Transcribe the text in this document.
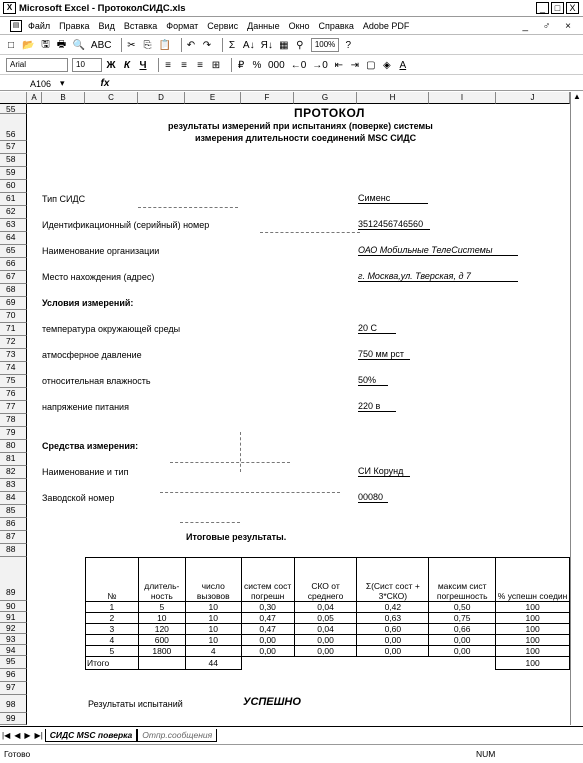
X Microsoft Excel - ПротоколСИДС.xls	_	□	X
▤ Файл Правка Вид Вставка Формат Сервис Данные Окно Справка Adobe PDF	_ ♂ ×
□ 📂 🖫 🖶 🔍 ABC ✂ ⎘ 📋 ↶ ↷ Σ A↓ Я↓ ▦ ⚲	100%	?
Arial	10	Ж К Ч ≡ ≡ ≡ ⊞ ₽ % 000 ←0 →0 ⇤ ⇥ ▢ ◈ A
A106 ▾	fx
A	B	C	D	E	F	G	H	I	J
55
56
57
58
59
60
61
62
63
64
65
66
67
68
69
70
71
72
73
74
75
76
77
78
79
80
81
82
83
84
85
86
87
88
89
90
91
92
93
94
95
96
97
98
99
ПРОТОКОЛ
результаты измерений при испытаниях (поверке) системы
измерения длительности соединений MSC СИДС
Тип СИДС	Сименс
Идентификационный (серийный) номер	3512456746560
Наименование организации	ОАО Мобильные ТелеСистемы
Место нахождения (адрес)	г. Москва,ул. Тверская, д 7
Условия измерений:
температура окружающей среды	20 С
атмосферное давление	750 мм рст
относительная влажность	50%
напряжение питания	220 в
Средства измерения:
Наименование и тип	СИ Корунд
Заводской номер	00080
Итоговые результаты.
№	длитель-ность	число вызовов	систем сост погрешн	СКО от среднего	Σ(Сист сост + 3*СКО)	максим сист погрешность	% успешн соедин
1	5	10	0,30	0,04	0,42	0,50	100
2	10	10	0,47	0,05	0,63	0,75	100
3	120	10	0,47	0,04	0,60	0,66	100
4	600	10	0,00	0,00	0,00	0,00	100
5	1800	4	0,00	0,00	0,00	0,00	100
Итого		44					100
Результаты испытаний	УСПЕШНО
▲
|◀ ◀ ▶ ▶| СИДС MSC поверка	Отпр.сообщения
Готово	NUM
